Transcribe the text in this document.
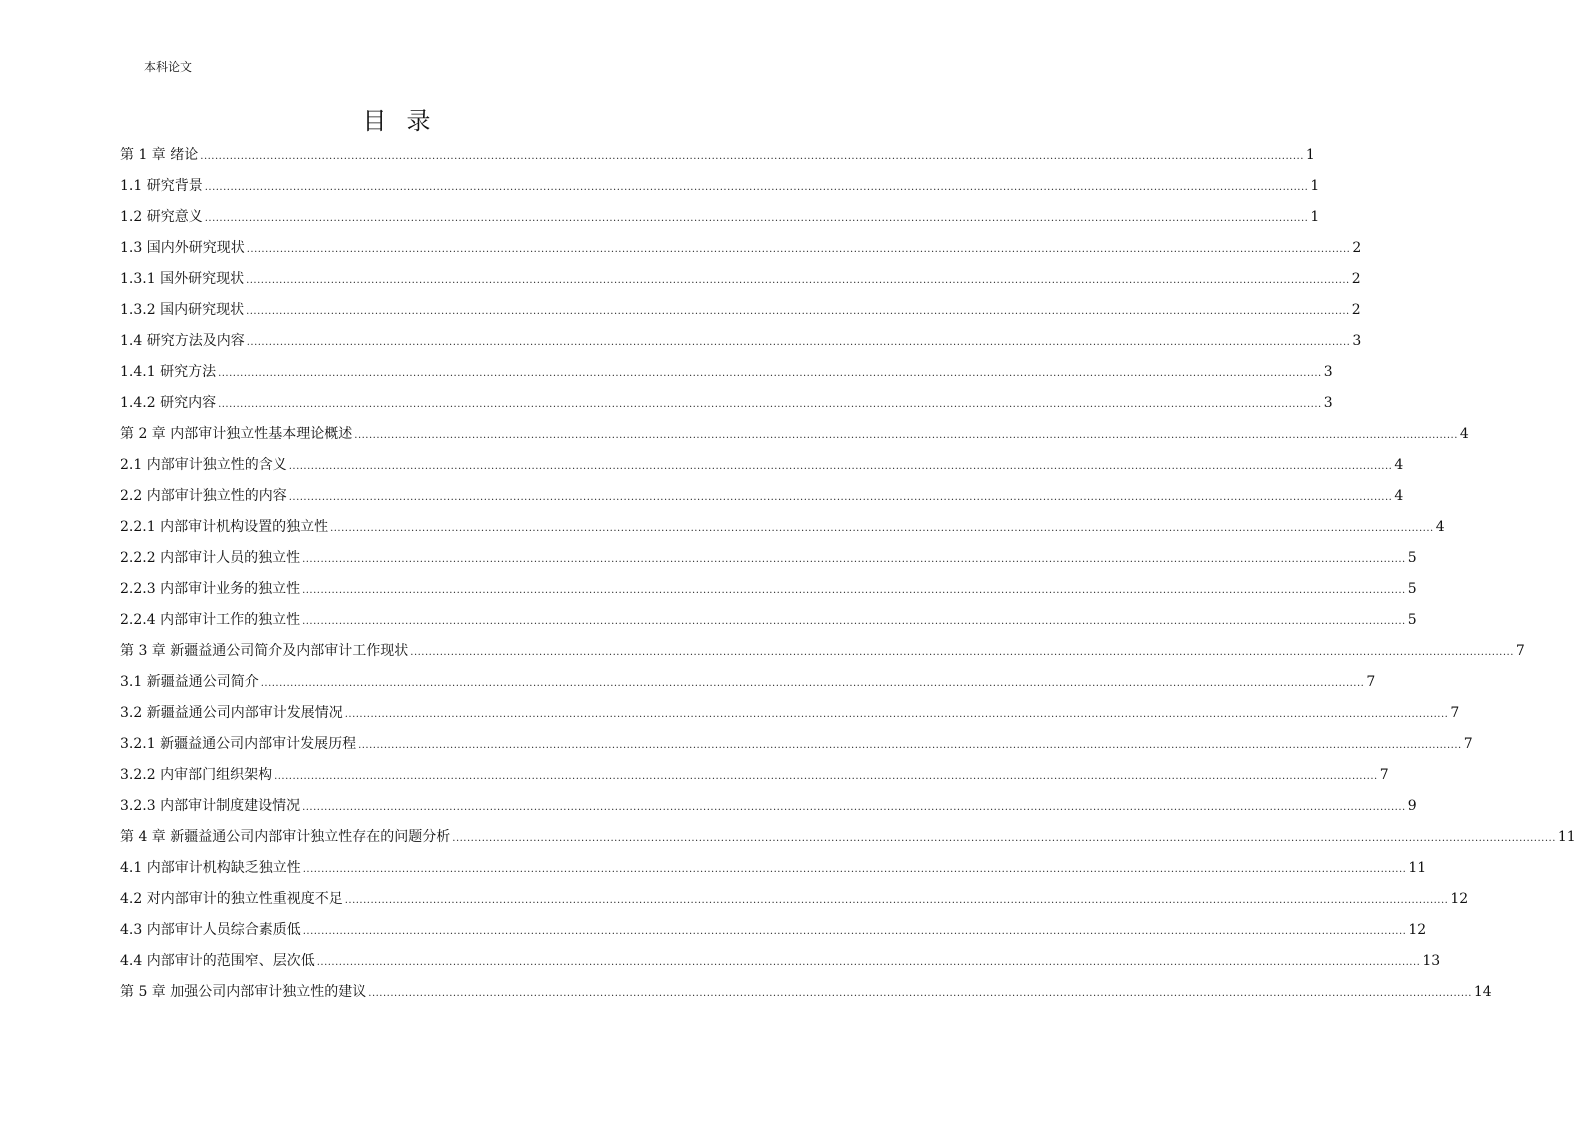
本科论文
目录
第 1 章 绪论 ............................................................................................................................................................................................................................................................................................................ 1
1.1 研究背景 ............................................................................................................................................................................................................................................................................................................ 1
1.2 研究意义 ............................................................................................................................................................................................................................................................................................................ 1
1.3 国内外研究现状 ............................................................................................................................................................................................................................................................................................................ 2
1.3.1 国外研究现状 ............................................................................................................................................................................................................................................................................................................ 2
1.3.2 国内研究现状 ............................................................................................................................................................................................................................................................................................................ 2
1.4 研究方法及内容 ............................................................................................................................................................................................................................................................................................................ 3
1.4.1 研究方法 ............................................................................................................................................................................................................................................................................................................ 3
1.4.2 研究内容 ............................................................................................................................................................................................................................................................................................................ 3
第 2 章 内部审计独立性基本理论概述 ............................................................................................................................................................................................................................................................................................................ 4
2.1 内部审计独立性的含义 ............................................................................................................................................................................................................................................................................................................ 4
2.2 内部审计独立性的内容 ............................................................................................................................................................................................................................................................................................................ 4
2.2.1 内部审计机构设置的独立性 ............................................................................................................................................................................................................................................................................................................ 4
2.2.2 内部审计人员的独立性 ............................................................................................................................................................................................................................................................................................................ 5
2.2.3 内部审计业务的独立性 ............................................................................................................................................................................................................................................................................................................ 5
2.2.4 内部审计工作的独立性 ............................................................................................................................................................................................................................................................................................................ 5
第 3 章 新疆益通公司简介及内部审计工作现状 ............................................................................................................................................................................................................................................................................................................ 7
3.1 新疆益通公司简介 ............................................................................................................................................................................................................................................................................................................ 7
3.2 新疆益通公司内部审计发展情况 ............................................................................................................................................................................................................................................................................................................ 7
3.2.1 新疆益通公司内部审计发展历程 ............................................................................................................................................................................................................................................................................................................ 7
3.2.2 内审部门组织架构 ............................................................................................................................................................................................................................................................................................................ 7
3.2.3 内部审计制度建设情况 ............................................................................................................................................................................................................................................................................................................ 9
第 4 章 新疆益通公司内部审计独立性存在的问题分析 ............................................................................................................................................................................................................................................................................................................ 11
4.1 内部审计机构缺乏独立性 ............................................................................................................................................................................................................................................................................................................ 11
4.2 对内部审计的独立性重视度不足 ............................................................................................................................................................................................................................................................................................................ 12
4.3 内部审计人员综合素质低 ............................................................................................................................................................................................................................................................................................................ 12
4.4 内部审计的范围窄、层次低 ............................................................................................................................................................................................................................................................................................................ 13
第 5 章 加强公司内部审计独立性的建议 ............................................................................................................................................................................................................................................................................................................ 14
